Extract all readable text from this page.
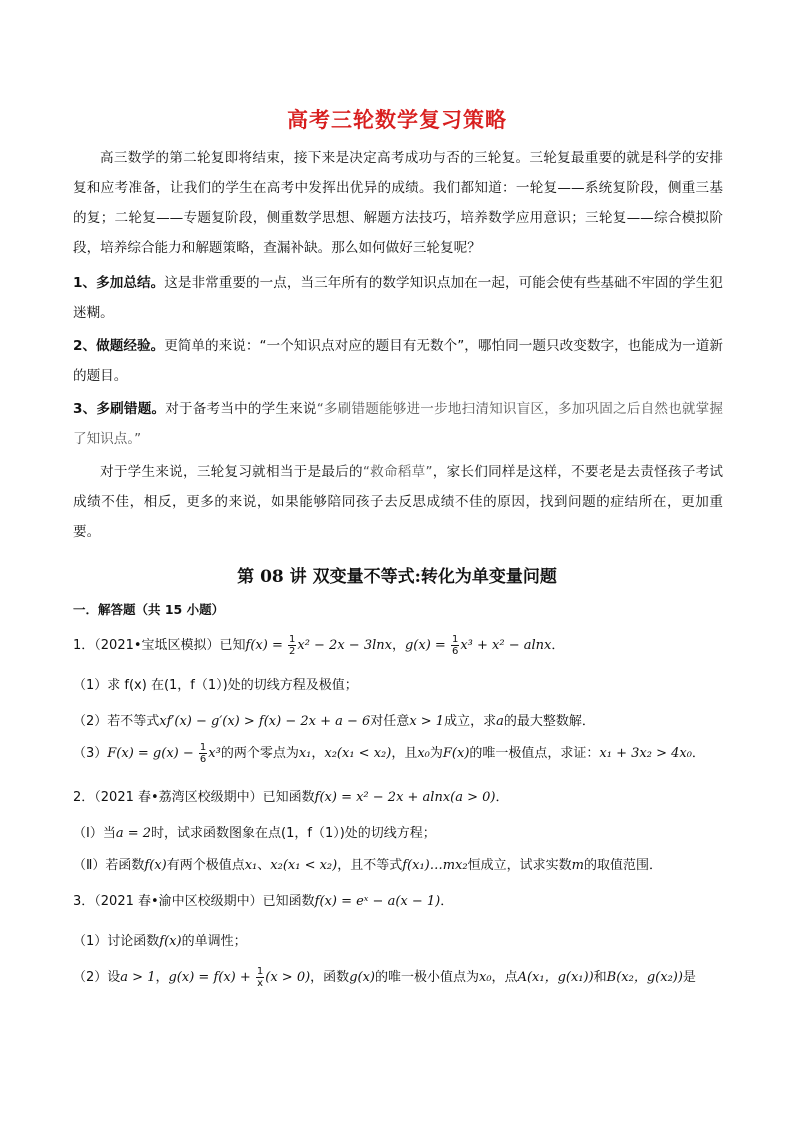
高考三轮数学复习策略

高三数学的第二轮复即将结束，接下来是决定高考成功与否的三轮复。三轮复最重要的就是科学的安排复和应考准备，让我们的学生在高考中发挥出优异的成绩。我们都知道：一轮复——系统复阶段，侧重三基的复；二轮复——专题复阶段，侧重数学思想、解题方法技巧，培养数学应用意识；三轮复——综合模拟阶段，培养综合能力和解题策略，查漏补缺。那么如何做好三轮复呢？

1、多加总结。这是非常重要的一点，当三年所有的数学知识点加在一起，可能会使有些基础不牢固的学生犯迷糊。

2、做题经验。更简单的来说：“一个知识点对应的题目有无数个”，哪怕同一题只改变数字，也能成为一道新的题目。

3、多刷错题。对于备考当中的学生来说“多刷错题能够进一步地扫清知识盲区，多加巩固之后自然也就掌握了知识点。”

对于学生来说，三轮复习就相当于是最后的“救命稻草”，家长们同样是这样，不要老是去责怪孩子考试成绩不佳，相反，更多的来说，如果能够陪同孩子去反思成绩不佳的原因，找到问题的症结所在，更加重要。

第 08 讲 双变量不等式:转化为单变量问题
一．解答题（共 15 小题）
1．（2021•宝坻区模拟）已知$f(x) = \frac{1}{2} x^2 - 2x - 3\ln x$，$g(x) = \frac{1}{6} x^3 + x^2 - alnx$．
（1）求 f(x) 在(1，f（1）)处的切线方程及极值；
（2）若不等式xf′(x) − g′(x) > f(x) − 2x + a − 6对任意x > 1成立，求a的最大整数解．
$(3)F(x) = g(x) - \frac{1}{6} x^3$的两个零点为x₁，x₂(x₁ < x₂)，且x₀为F(x)的唯一极值点，求证：x₁ + 3x₂ > 4x₀．
2．（2021 春•荔湾区校级期中）已知函数f(x) = x² − 2x + alnx(a > 0)．
（Ⅰ）当a = 2时，试求函数图象在点(1，f（1）)处的切线方程；
（Ⅱ）若函数f(x)有两个极值点x₁、x₂(x₁ < x₂)，且不等式f(x₁)…mx₂恒成立，试求实数m的取值范围．
3．（2021 春•渝中区校级期中）已知函数f(x) = eˣ − a(x − 1)．
（1）讨论函数f(x)的单调性；
（2）设a > 1，$g(x) = f(x) + \frac{1}{x} (x > 0)$，函数g(x)的唯一极小值点为x₀，点A(x₁，g(x₁))和B(x₂，g(x₂))是
